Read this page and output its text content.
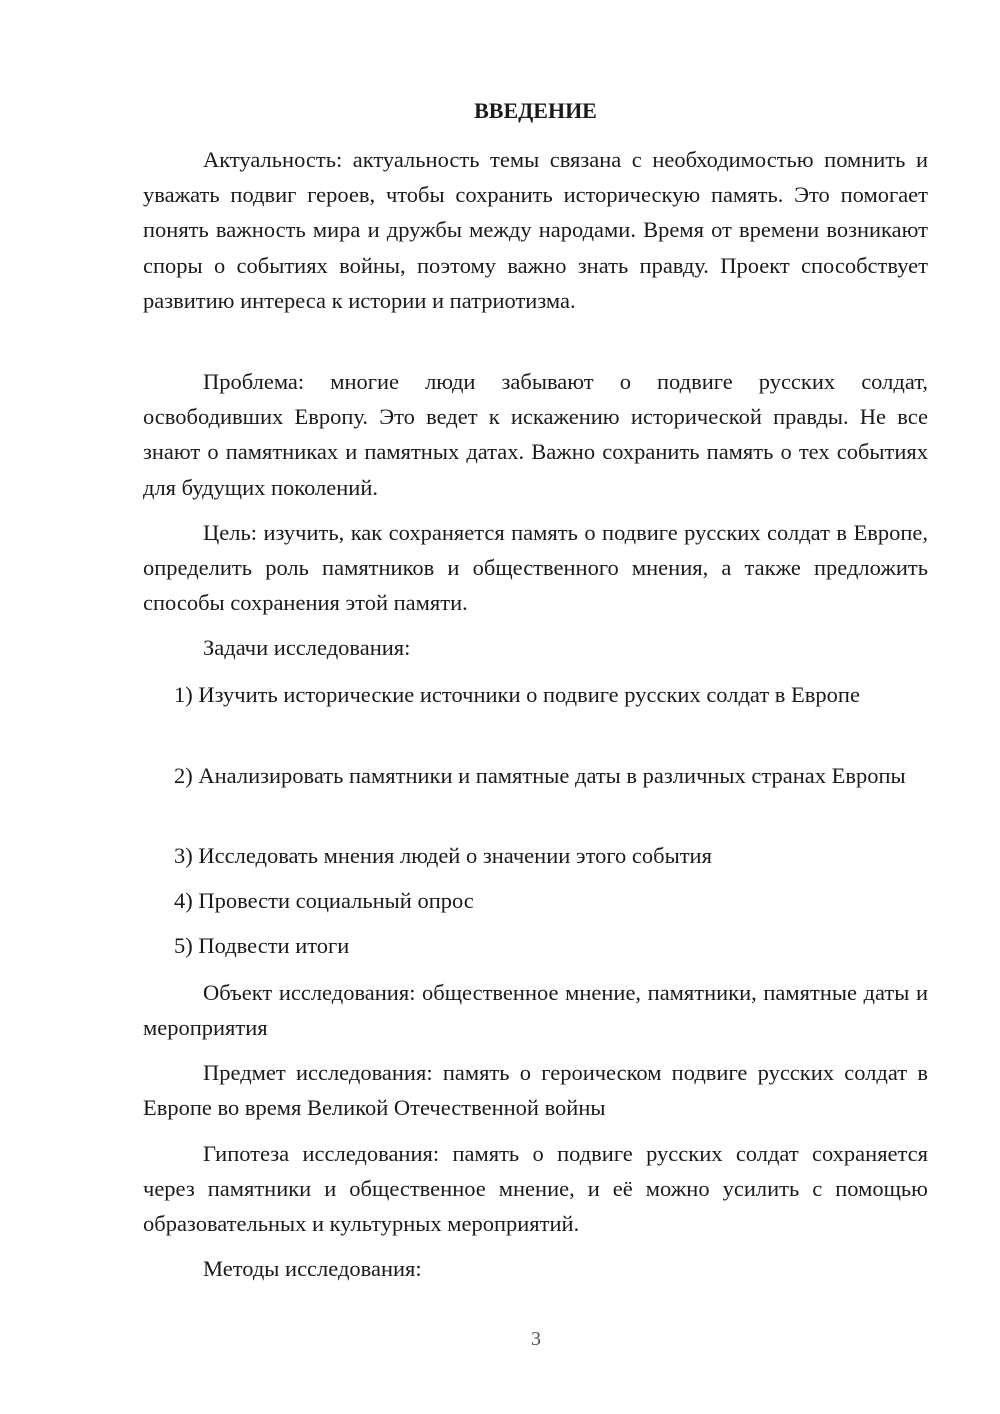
ВВЕДЕНИЕ

Актуальность: актуальность темы связана с необходимостью помнить и уважать подвиг героев, чтобы сохранить историческую память. Это помогает понять важность мира и дружбы между народами. Время от времени возникают споры о событиях войны, поэтому важно знать правду. Проект способствует развитию интереса к истории и патриотизма.

Проблема: многие люди забывают о подвиге русских солдат, освободивших Европу. Это ведет к искажению исторической правды. Не все знают о памятниках и памятных датах. Важно сохранить память о тех событиях для будущих поколений.

Цель: изучить, как сохраняется память о подвиге русских солдат в Европе, определить роль памятников и общественного мнения, а также предложить способы сохранения этой памяти.

Задачи исследования:

1) Изучить исторические источники о подвиге русских солдат в Европе

2) Анализировать памятники и памятные даты в различных странах Европы

3) Исследовать мнения людей о значении этого события

4) Провести социальный опрос

5) Подвести итоги

Объект исследования: общественное мнение, памятники, памятные даты и мероприятия

Предмет исследования: память о героическом подвиге русских солдат в Европе во время Великой Отечественной войны

Гипотеза исследования: память о подвиге русских солдат сохраняется через памятники и общественное мнение, и её можно усилить с помощью образовательных и культурных мероприятий.

Методы исследования:

3
